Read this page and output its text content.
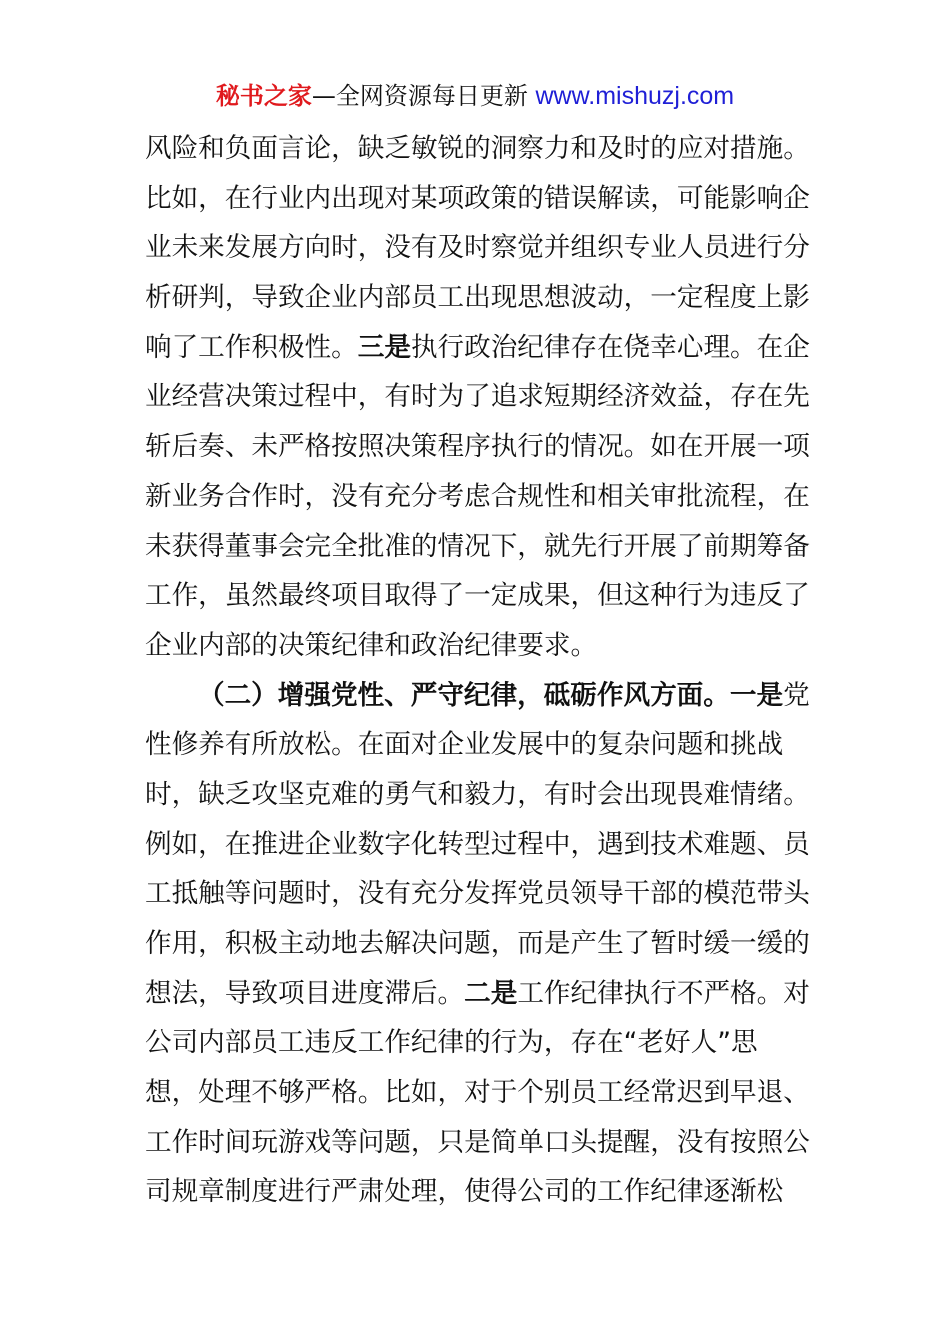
秘书之家—全网资源每日更新 www.mishuzj.com
风险和负面言论，缺乏敏锐的洞察力和及时的应对措施。
比如，在行业内出现对某项政策的错误解读，可能影响企
业未来发展方向时，没有及时察觉并组织专业人员进行分
析研判，导致企业内部员工出现思想波动，一定程度上影
响了工作积极性。三是执行政治纪律存在侥幸心理。在企
业经营决策过程中，有时为了追求短期经济效益，存在先
斩后奏、未严格按照决策程序执行的情况。如在开展一项
新业务合作时，没有充分考虑合规性和相关审批流程，在
未获得董事会完全批准的情况下，就先行开展了前期筹备
工作，虽然最终项目取得了一定成果，但这种行为违反了
企业内部的决策纪律和政治纪律要求。
（二）增强党性、严守纪律，砥砺作风方面。一是党
性修养有所放松。在面对企业发展中的复杂问题和挑战
时，缺乏攻坚克难的勇气和毅力，有时会出现畏难情绪。
例如，在推进企业数字化转型过程中，遇到技术难题、员
工抵触等问题时，没有充分发挥党员领导干部的模范带头
作用，积极主动地去解决问题，而是产生了暂时缓一缓的
想法，导致项目进度滞后。二是工作纪律执行不严格。对
公司内部员工违反工作纪律的行为，存在“老好人”思
想，处理不够严格。比如，对于个别员工经常迟到早退、
工作时间玩游戏等问题，只是简单口头提醒，没有按照公
司规章制度进行严肃处理，使得公司的工作纪律逐渐松
